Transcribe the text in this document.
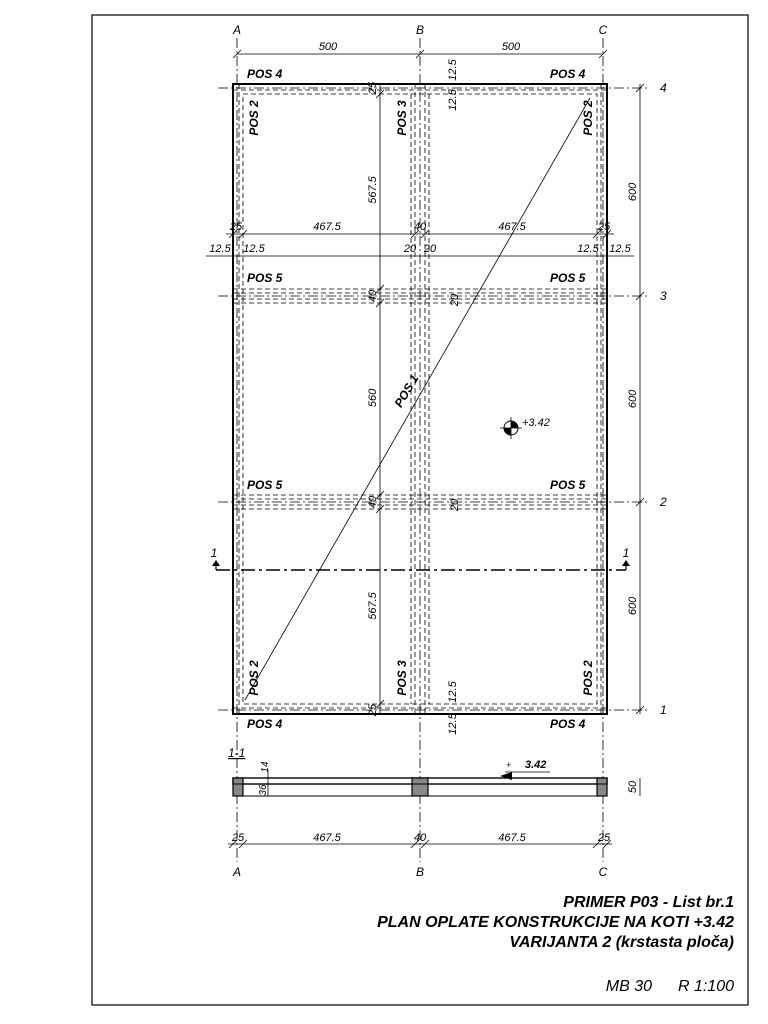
A	B	C
A	B	C
4
3
2
1
500	500
25	467.5	40	467.5	25
12.5 12.5	20 20	12.5 12.5
567.5
560
567.5
40
40
20
20
25
25
12.5
12.5
12.5
12.5
600
600
600
POS 4	POS 4
POS 4	POS 4
POS 2	POS 2
POS 2	POS 2
POS 3
POS 3
POS 5	POS 5
POS 5	POS 5
POS 1
+3.42
1	1
1-1
+ 3.42
14
36	50
25	467.5	40	467.5	25
PRIMER P03 - List br.1
PLAN OPLATE KONSTRUKCIJE NA KOTI +3.42
VARIJANTA 2 (krstasta ploča)
MB 30 R 1:100
